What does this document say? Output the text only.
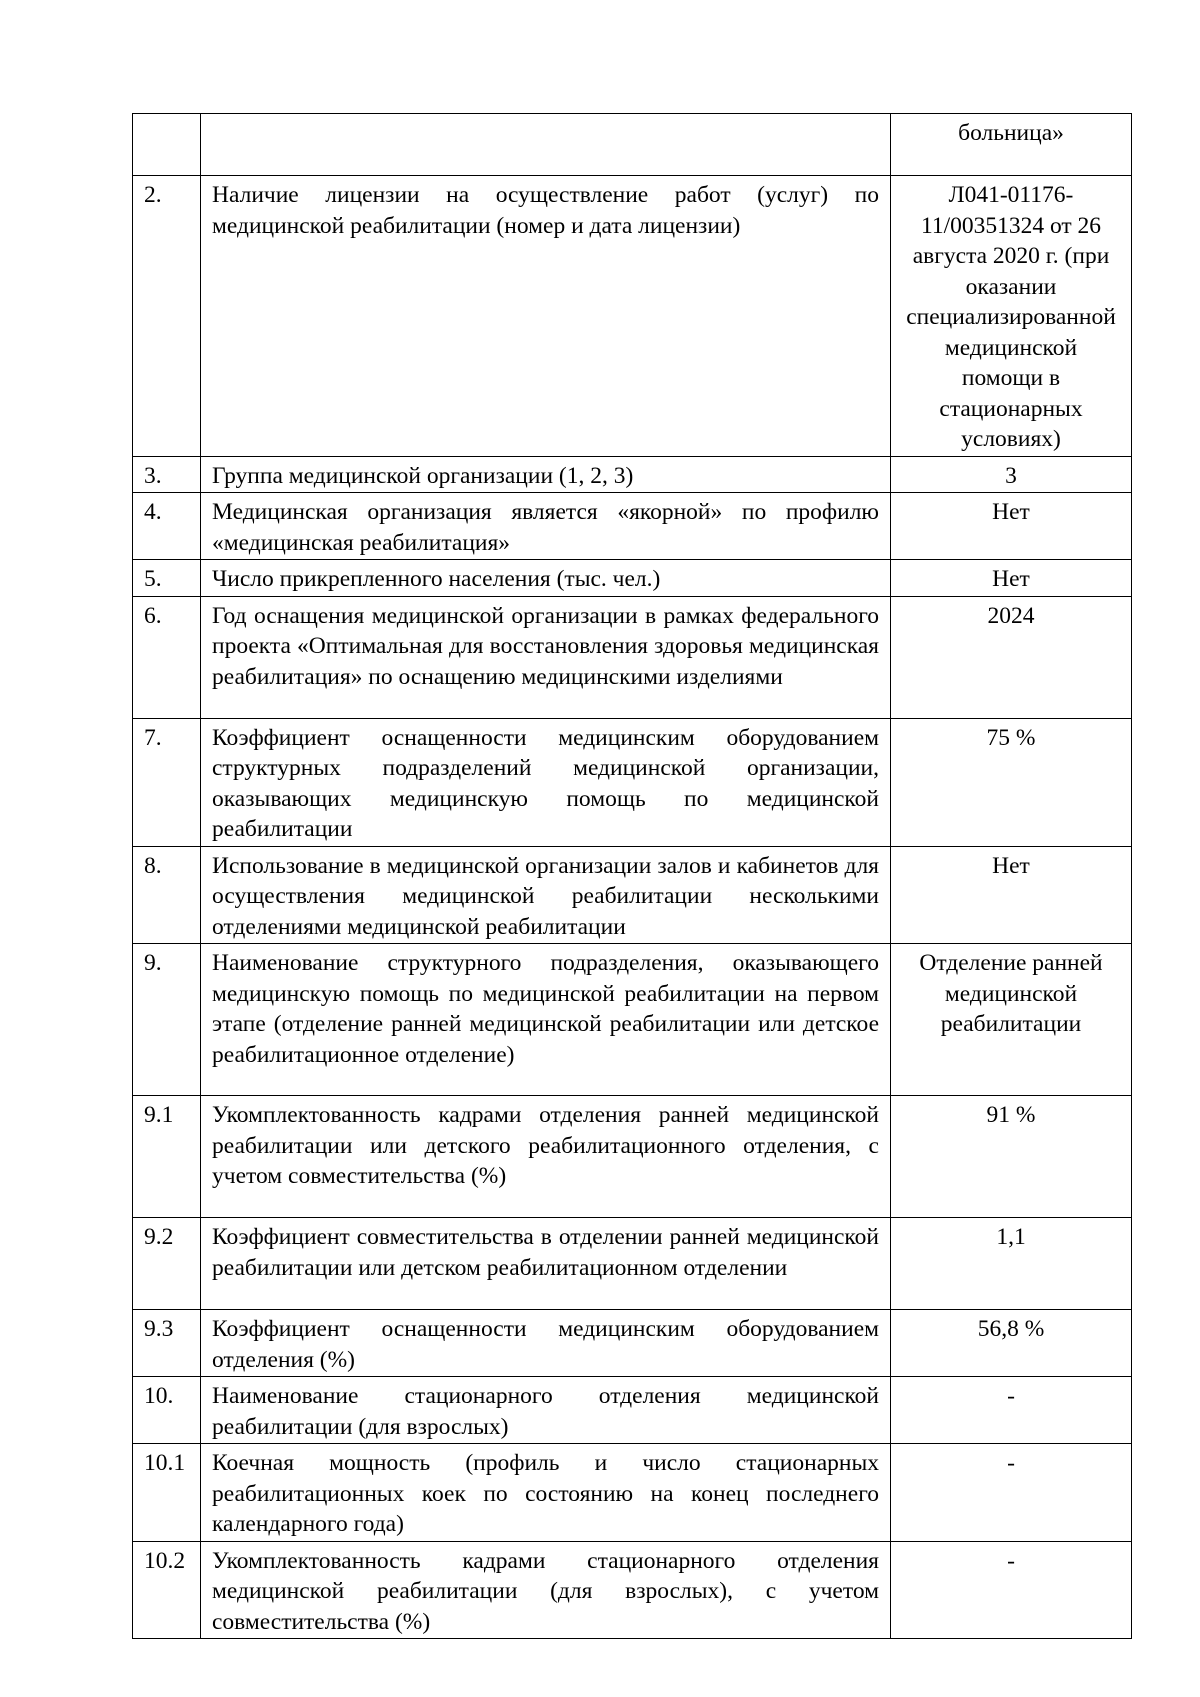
		больница»
2.	Наличие лицензии на осуществление работ (услуг) по медицинской реабилитации (номер и дата лицензии)	Л041-01176-11/00351324 от 26 августа 2020 г. (при оказании специализированной медицинской помощи в стационарных условиях)
3.	Группа медицинской организации (1, 2, 3)	3
4.	Медицинская организация является «якорной» по профилю «медицинская реабилитация»	Нет
5.	Число прикрепленного населения (тыс. чел.)	Нет
6.	Год оснащения медицинской организации в рамках федерального проекта «Оптимальная для восстановления здоровья медицинская реабилитация» по оснащению медицинскими изделиями	2024
7.	Коэффициент оснащенности медицинским оборудованием структурных подразделений медицинской организации, оказывающих медицинскую помощь по медицинской реабилитации	75 %
8.	Использование в медицинской организации залов и кабинетов для осуществления медицинской реабилитации несколькими отделениями медицинской реабилитации	Нет
9.	Наименование структурного подразделения, оказывающего медицинскую помощь по медицинской реабилитации на первом этапе (отделение ранней медицинской реабилитации или детское реабилитационное отделение)	Отделение ранней медицинской реабилитации
9.1	Укомплектованность кадрами отделения ранней медицинской реабилитации или детского реабилитационного отделения, с учетом совместительства (%)	91 %
9.2	Коэффициент совместительства в отделении ранней медицинской реабилитации или детском реабилитационном отделении	1,1
9.3	Коэффициент оснащенности медицинским оборудованием отделения (%)	56,8 %
10.	Наименование стационарного отделения медицинской реабилитации (для взрослых)	-
10.1	Коечная мощность (профиль и число стационарных реабилитационных коек по состоянию на конец последнего календарного года)	-
10.2	Укомплектованность кадрами стационарного отделения медицинской реабилитации (для взрослых), с учетом совместительства (%)	-
